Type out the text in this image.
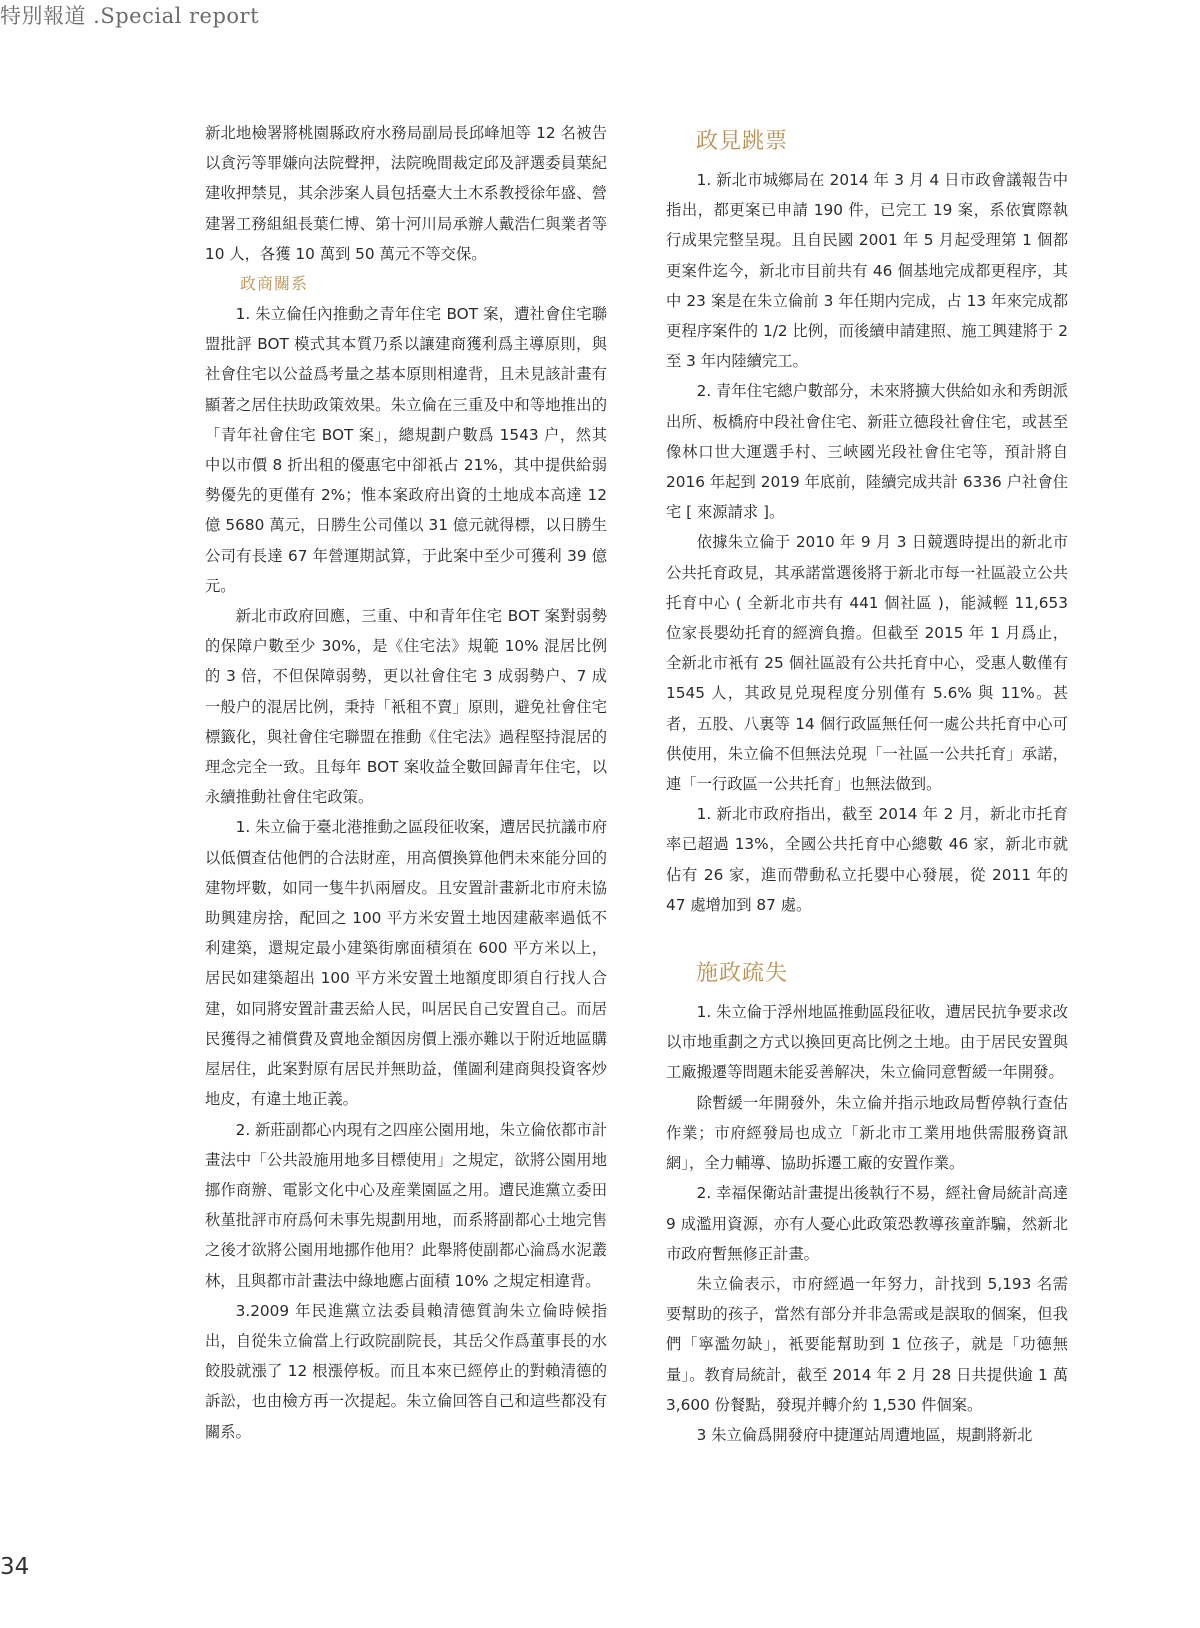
特別報道 .Special report

新北地檢署將桃園縣政府水務局副局長邱峰旭等 12 名被告以貪污等罪嫌向法院聲押，法院晚間裁定邱及評選委員葉紀建收押禁見，其余涉案人員包括臺大土木系教授徐年盛、營建署工務組組長葉仁博、第十河川局承辦人戴浩仁與業者等 10 人，各獲 10 萬到 50 萬元不等交保。

政商關系

1. 朱立倫任內推動之青年住宅 BOT 案，遭社會住宅聯盟批評 BOT 模式其本質乃系以讓建商獲利爲主導原則，與社會住宅以公益爲考量之基本原則相違背，且未見該計畫有顯著之居住扶助政策效果。朱立倫在三重及中和等地推出的「青年社會住宅 BOT 案」，總規劃户數爲 1543 户，然其中以市價 8 折出租的優惠宅中卻祇占 21%，其中提供給弱勢優先的更僅有 2%；惟本案政府出資的土地成本高達 12 億 5680 萬元，日勝生公司僅以 31 億元就得標，以日勝生公司有長達 67 年營運期試算，于此案中至少可獲利 39 億元。

新北市政府回應，三重、中和青年住宅 BOT 案對弱勢的保障户數至少 30%，是《住宅法》規範 10% 混居比例的 3 倍，不但保障弱勢，更以社會住宅 3 成弱勢户、7 成一般户的混居比例，秉持「衹租不賣」原則，避免社會住宅標籤化，與社會住宅聯盟在推動《住宅法》過程堅持混居的理念完全一致。且每年 BOT 案收益全數回歸青年住宅，以永續推動社會住宅政策。

1. 朱立倫于臺北港推動之區段征收案，遭居民抗議市府以低價查估他們的合法財産，用高價換算他們未來能分回的建物坪數，如同一隻牛扒兩層皮。且安置計畫新北市府未協助興建房捨，配回之 100 平方米安置土地因建蔽率過低不利建築，還規定最小建築街廓面積須在 600 平方米以上，居民如建築超出 100 平方米安置土地額度即須自行找人合建，如同將安置計畫丟給人民，叫居民自己安置自己。而居民獲得之補償費及賣地金額因房價上漲亦難以于附近地區購屋居住，此案對原有居民并無助益，僅圖利建商與投資客炒地皮，有違土地正義。

2. 新莊副都心内現有之四座公園用地，朱立倫依都市計畫法中「公共設施用地多目標使用」之規定，欲將公園用地挪作商辦、電影文化中心及産業園區之用。遭民進黨立委田秋堇批評市府爲何未事先規劃用地，而系將副都心土地完售之後才欲將公園用地挪作他用？此舉將使副都心淪爲水泥叢林，且與都市計畫法中綠地應占面積 10% 之規定相違背。

3.2009 年民進黨立法委員賴清德質詢朱立倫時候指出，自從朱立倫當上行政院副院長，其岳父作爲董事長的水餃股就漲了 12 根漲停板。而且本來已經停止的對賴清德的訴訟，也由檢方再一次提起。朱立倫回答自己和這些都没有關系。

政見跳票

1. 新北市城鄉局在 2014 年 3 月 4 日市政會議報告中指出，都更案已申請 190 件，已完工 19 案，系依實際執行成果完整呈現。且自民國 2001 年 5 月起受理第 1 個都更案件迄今，新北市目前共有 46 個基地完成都更程序，其中 23 案是在朱立倫前 3 年任期内完成，占 13 年來完成都更程序案件的 1/2 比例，而後續申請建照、施工興建將于 2 至 3 年内陸續完工。

2. 青年住宅總户數部分，未來將擴大供給如永和秀朗派出所、板橋府中段社會住宅、新莊立德段社會住宅，或甚至像林口世大運選手村、三峽國光段社會住宅等，預計將自 2016 年起到 2019 年底前，陸續完成共計 6336 户社會住宅 [ 來源請求 ]。

依據朱立倫于 2010 年 9 月 3 日競選時提出的新北市公共托育政見，其承諾當選後將于新北市每一社區設立公共托育中心 ( 全新北市共有 441 個社區 )，能減輕 11,653 位家長嬰幼托育的經濟負擔。但截至 2015 年 1 月爲止，全新北市衹有 25 個社區設有公共托育中心，受惠人數僅有 1545 人，其政見兑現程度分别僅有 5.6% 與 11%。甚者，五股、八裏等 14 個行政區無任何一處公共托育中心可供使用，朱立倫不但無法兑現「一社區一公共托育」承諾，連「一行政區一公共托育」也無法做到。

1. 新北市政府指出，截至 2014 年 2 月，新北市托育率已超過 13%，全國公共托育中心總數 46 家，新北市就佔有 26 家，進而帶動私立托嬰中心發展，從 2011 年的 47 處增加到 87 處。

施政疏失

1. 朱立倫于浮州地區推動區段征收，遭居民抗争要求改以市地重劃之方式以換回更高比例之土地。由于居民安置與工廠搬遷等問題未能妥善解决，朱立倫同意暫緩一年開發。

除暫緩一年開發外，朱立倫并指示地政局暫停執行查估作業；市府經發局也成立「新北市工業用地供需服務資訊網」，全力輔導、協助拆遷工廠的安置作業。

2. 幸福保衛站計畫提出後執行不易，經社會局統計高達 9 成濫用資源，亦有人憂心此政策恐教導孩童詐騙，然新北市政府暫無修正計畫。

朱立倫表示，市府經過一年努力，計找到 5,193 名需要幫助的孩子，當然有部分并非急需或是誤取的個案，但我們「寧濫勿缺」，衹要能幫助到 1 位孩子，就是「功德無量」。教育局統計，截至 2014 年 2 月 28 日共提供逾 1 萬 3,600 份餐點，發現并轉介約 1,530 件個案。

3 朱立倫爲開發府中捷運站周遭地區，規劃將新北

34
